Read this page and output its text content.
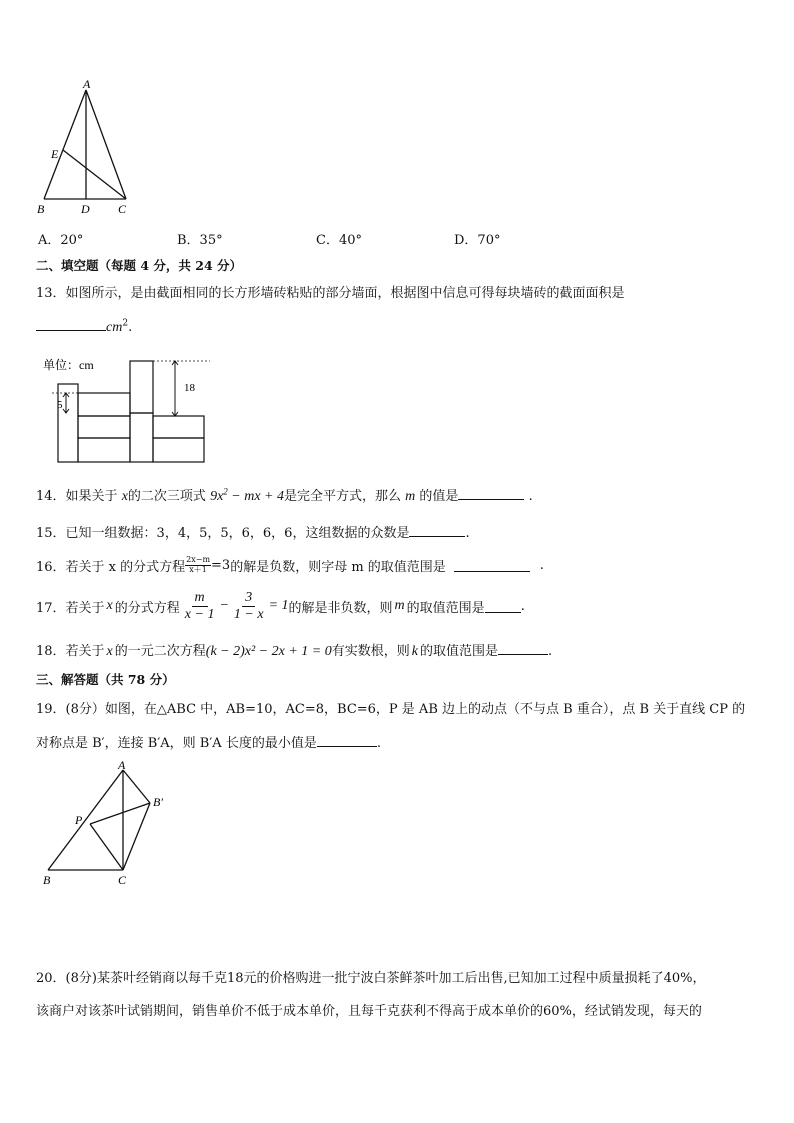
A
E
B	D C
A．20°	B．35°	C．40°	D．70°
二、填空题（每题 4 分，共 24 分）
13．如图所示，是由截面相同的长方形墙砖粘贴的部分墙面，根据图中信息可得每块墙砖的截面面积是
$cm^2$.
单位：cm
5
18
14．如果关于 x的二次三项式 $9x^2$ − mx + 4是完全平方式，那么 m 的值是	.
15．已知一组数据：3，4，5，5，6，6，6，这组数据的众数是	.
16．若关于 x 的分式方程 $\frac{2x-m}{x+1} =3$ 的解是负数，则字母 m 的取值范围是	.
17．若关于 x 的分式方程 $\frac{m}{x - 1} - \frac{3}{1 - x} = 1$ 的解是非负数，则 m 的取值范围是	.
18．若关于 x 的一元二次方程(k − 2)x² − 2x + 1 = 0有实数根，则 k 的取值范围是	.
三、解答题（共 78 分）
19．(8分）如图，在△ABC 中，AB=10，AC=8，BC=6，P 是 AB 边上的动点（不与点 B 重合），点 B 关于直线 CP 的
对称点是 B′，连接 B′A，则 B′A 长度的最小值是	.
A
B′
P
B	C
20．(8分)某茶叶经销商以每千克18元的价格购进一批宁波白茶鲜茶叶加工后出售,已知加工过程中质量损耗了40%，
该商户对该茶叶试销期间，销售单价不低于成本单价，且每千克获利不得高于成本单价的60%，经试销发现，每天的
